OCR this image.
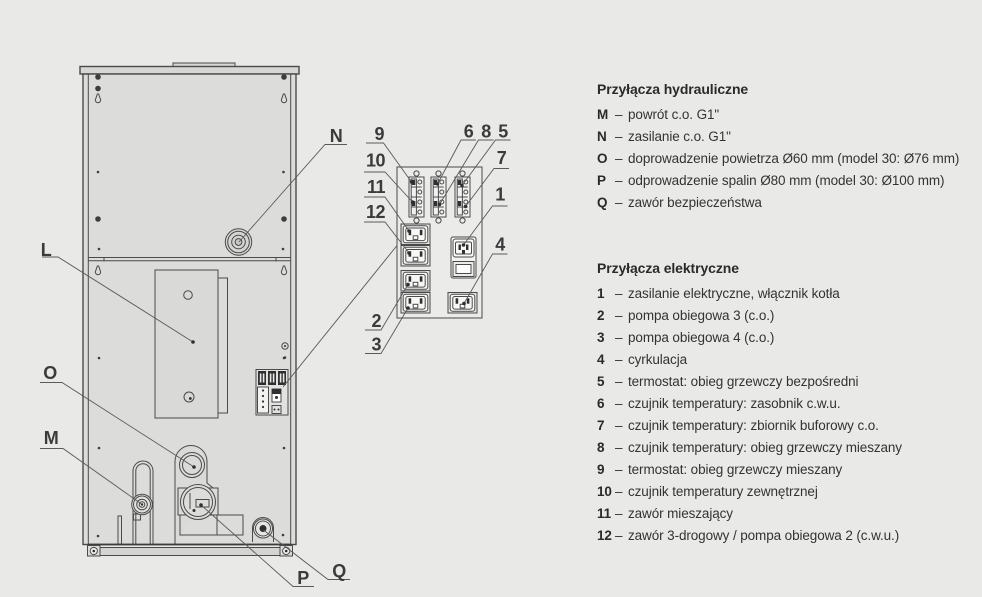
N
L
O
M
P Q
9
10
11
12
2
3
6 8 5
7
1
4
Przyłącza hydrauliczne
M – powrót c.o. G1"
N – zasilanie c.o. G1"
O – doprowadzenie powietrza Ø60 mm (model 30: Ø76 mm)
P – odprowadzenie spalin Ø80 mm (model 30: Ø100 mm)
Q – zawór bezpieczeństwa
Przyłącza elektryczne
1 – zasilanie elektryczne, włącznik kotła
2 – pompa obiegowa 3 (c.o.)
3 – pompa obiegowa 4 (c.o.)
4 – cyrkulacja
5 – termostat: obieg grzewczy bezpośredni
6 – czujnik temperatury: zasobnik c.w.u.
7 – czujnik temperatury: zbiornik buforowy c.o.
8 – czujnik temperatury: obieg grzewczy mieszany
9 – termostat: obieg grzewczy mieszany
10 – czujnik temperatury zewnętrznej
11 – zawór mieszający
12 – zawór 3-drogowy / pompa obiegowa 2 (c.w.u.)
